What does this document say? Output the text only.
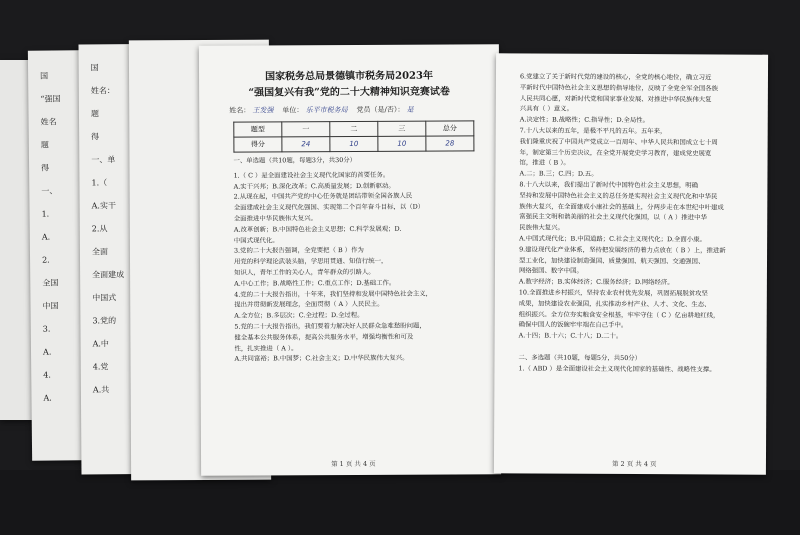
国
“强国
姓名
题
得
一、
1.
A.
2.
全国
中国
3.
A.
4.
A.
国
姓名：
题
得
一、单
1.（
A.实干
2.从
全面
全面建成
中国式
3.党的
A.中
4.党
A.共
国家税务总局景德镇市税务局2023年
“强国复兴有我”党的二十大精神知识竞赛试卷
姓名： 王发强 单位： 乐平市税务局 党员（是/否）： 是
题型	一	二	三	总分
得分	24	10	10	28
一、单选题（共10题，每题3分，共30分）
1.（ C ）是全面建设社会主义现代化国家的首要任务。
A.实干兴邦；B.深化改革；C.高质量发展；D.创新驱动。
2.从现在起，中国共产党的中心任务就是团结带领全国各族人民
全面建成社会主义现代化强国、实现第二个百年奋斗目标，以（D）
全面推进中华民族伟大复兴。
A.改革创新；B.中国特色社会主义思想；C.科学发展观；D.
中国式现代化。
3.党的二十大报告强调，全党要把（ B ）作为
用党的科学理论武装头脑，学思用贯通、知信行统一，
知识人，青年工作的关心人，青年群众的引路人。
A.中心工作；B.战略性工作；C.重点工作；D.基础工作。
4.党的二十大报告指出，十年来，我们坚持和发展中国特色社会主义，
提出并贯彻新发展理念，全面贯彻（ A ）人民民主。
A.全方位；B.多层次；C.全过程；D.全过程。
5.党的二十大报告指出，我们要着力解决好人民群众急难愁盼问题，
健全基本公共服务体系，提高公共服务水平，增强均衡性和可及
性，扎实推进（ A ）。
A.共同富裕；B.中国梦；C.社会主义；D.中华民族伟大复兴。
第 1 页 共 4 页
6.党建立了关于新时代党的建设的核心，全党的核心地位，确立习近
平新时代中国特色社会主义思想的指导地位，反映了全党全军全国各族
人民共同心愿，对新时代党和国家事业发展、对推进中华民族伟大复
兴具有（ ）意义。
A.决定性；B.战略性；C.指导性；D.全局性。
7.十八大以来的五年，是极不平凡的五年。五年来，
我们隆重庆祝了中国共产党成立一百周年、中华人民共和国成立七十周
年，制定第三个历史决议，在全党开展党史学习教育，建成党史展览
馆，推进（ B ）。
A.二；B.三；C.四；D.五。
8.十八大以来，我们提出了新时代中国特色社会主义思想，明确
坚持和发展中国特色社会主义的总任务是实现社会主义现代化和中华民
族伟大复兴，在全面建成小康社会的基础上，分两步走在本世纪中叶建成
富强民主文明和谐美丽的社会主义现代化强国，以（ A ）推进中华
民族伟大复兴。
A.中国式现代化；B.中国道路；C.社会主义现代化；D.全面小康。
9.建设现代化产业体系，坚持把发展经济的着力点放在（ B ）上，推进新
型工业化，加快建设制造强国、质量强国、航天强国、交通强国、
网络强国、数字中国。
A.数字经济；B.实体经济；C.服务经济；D.网络经济。
10.全面推进乡村振兴，坚持农业农村优先发展，巩固拓展脱贫攻坚
成果，加快建设农业强国，扎实推动乡村产业、人才、文化、生态、
组织振兴。全方位夯实粮食安全根基，牢牢守住（ C ）亿亩耕地红线，
确保中国人的饭碗牢牢端在自己手中。
A.十四；B.十六；C.十八；D.二十。

二、多选题（共10题，每题5分，共50分）
1.（ ABD ）是全面建设社会主义现代化国家的基础性、战略性支撑。
第 2 页 共 4 页
